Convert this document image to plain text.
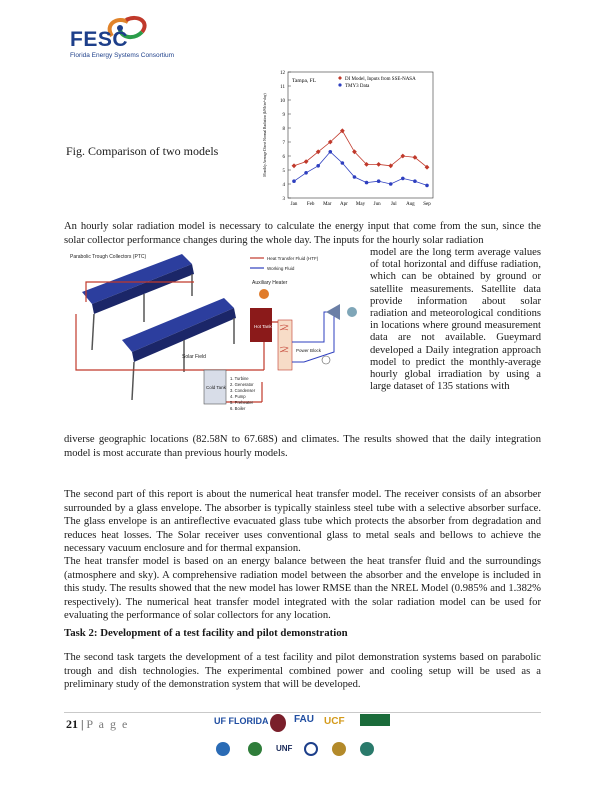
FESC
Florida Energy Systems Consortium
Fig. Comparison of two models
3
4
5
6
7
8
9
10
11
12
Jan Feb Mar Apr May Jun Jul Aug Sep
Monthly Average Direct Normal Radiation (kWh/m²-day)
Tampa, FL	DI Model, Inputs from SSE-NASA
TMY3 Data
An hourly solar radiation model is necessary to calculate the energy input that come from the sun, since the solar collector performance changes during the whole day. The inputs for the hourly solar radiation
model are the long term average values of total horizontal and diffuse radiation, which can be obtained by ground or satellite measurements. Satellite data provide information about solar radiation and meteorological conditions in locations where ground measurement data are not available. Gueymard developed a Daily integration approach model to predict the monthly-average hourly global irradiation by using a large dataset of 135 stations with
Parabolic Trough Collectors (PTC)
Solar Field
Heat Transfer Fluid (HTF)
Working Fluid
Auxiliary Heater
Hot Tank
Cold Tank
Power Block
1. Turbine
2. Generator
3. Condenser
4. Pump
5. Preheater
6. Boiler
diverse geographic locations (82.58N to 67.68S) and climates. The results showed that the daily integration model is most accurate than previous hourly models.
The second part of this report is about the numerical heat transfer model. The receiver consists of an absorber surrounded by a glass envelope. The absorber is typically stainless steel tube with a selective absorber surface. The glass envelope is an antireflective evacuated glass tube which protects the absorber from degradation and reduces heat losses. The Solar receiver uses conventional glass to metal seals and bellows to achieve the necessary vacuum enclosure and for thermal expansion.
The heat transfer model is based on an energy balance between the heat transfer fluid and the surroundings (atmosphere and sky). A comprehensive radiation model between the absorber and the envelope is included in this study. The results showed that the new model has lower RMSE than the NREL Model (0.985% and 1.382% respectively). The numerical heat transfer model integrated with the solar radiation model can be used for evaluating the performance of solar collectors for any location.
Task 2: Development of a test facility and pilot demonstration
The second task targets the development of a test facility and pilot demonstration systems based on parabolic trough and dish technologies. The experimental combined power and cooling setup will be used as a preliminary study of the demonstration system that will be developed.
21 | P a g e	UF FLORIDA	FAU UCF
UNF
